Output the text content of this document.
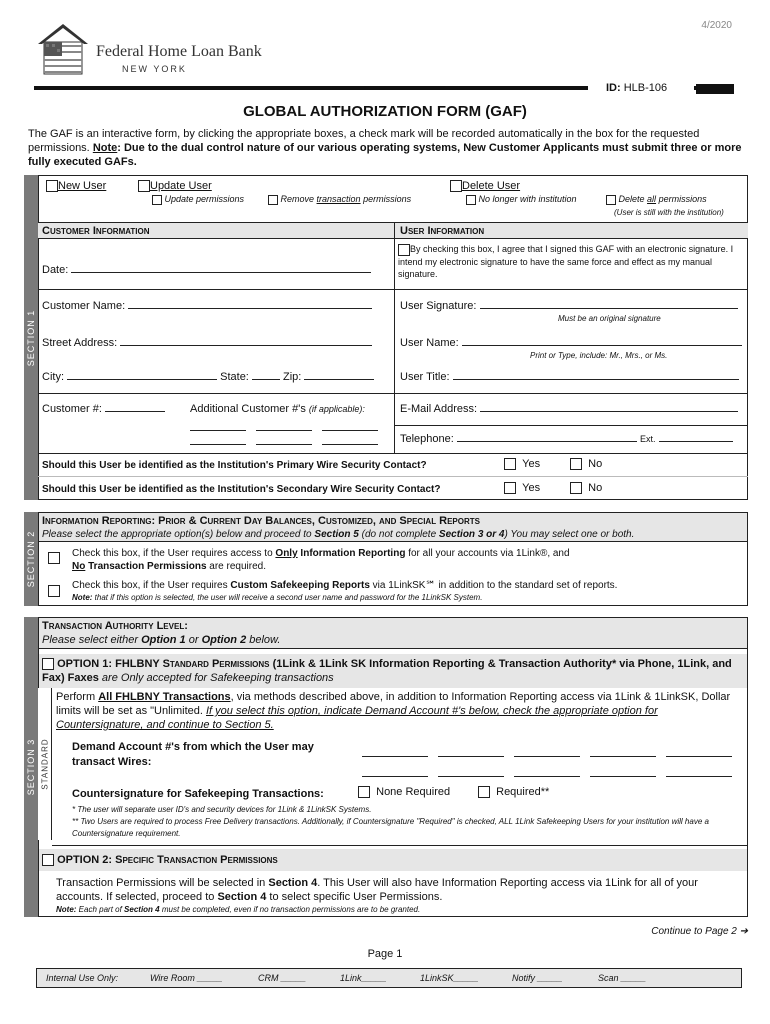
4/2020
Federal Home Loan Bank
NEW YORK
ID: HLB-106
GLOBAL AUTHORIZATION FORM (GAF)
The GAF is an interactive form, by clicking the appropriate boxes, a check mark will be recorded automatically in the box for the requested permissions. Note: Due to the dual control nature of our various operating systems, New Customer Applicants must submit three or more fully executed GAFs.
SECTION 1
New User	Update User
Update permissions	Remove transaction permissions
Delete User
No longer with institution	Delete all permissions
(User is still with the institution)
Customer Information	User Information
Date:
Customer Name:
Street Address:
City:	State:	Zip:
Customer #:	Additional Customer #'s (if applicable):
By checking this box, I agree that I signed this GAF with an electronic signature. I intend my electronic signature to have the same force and effect as my manual signature.
User Signature:
Must be an original signature
User Name:
Print or Type, include: Mr., Mrs., or Ms.
User Title:
E-Mail Address:
Telephone:	Ext.
Should this User be identified as the Institution's Primary Wire Security Contact?	Yes	No
Should this User be identified as the Institution's Secondary Wire Security Contact?	Yes	No
SECTION 2
Information Reporting: Prior & Current Day Balances, Customized, and Special Reports
Please select the appropriate option(s) below and proceed to Section 5 (do not complete Section 3 or 4) You may select one or both.
Check this box, if the User requires access to Only Information Reporting for all your accounts via 1Link®, and
No Transaction Permissions are required.
Check this box, if the User requires Custom Safekeeping Reports via 1LinkSK℠ in addition to the standard set of reports.
Note: that if this option is selected, the user will receive a second user name and password for the 1LinkSK System.
SECTION 3
Transaction Authority Level:
Please select either Option 1 or Option 2 below.
OPTION 1: FHLBNY Standard Permissions (1Link & 1Link SK Information Reporting & Transaction Authority* via Phone, 1Link, and Fax) Faxes are Only accepted for Safekeeping transactions
STANDARD
Perform All FHLBNY Transactions, via methods described above, in addition to Information Reporting access via 1Link & 1LinkSK, Dollar limits will be set as "Unlimited. If you select this option, indicate Demand Account #'s below, check the appropriate option for Countersignature, and continue to Section 5.
Demand Account #'s from which the User may transact Wires:
Countersignature for Safekeeping Transactions:	None Required	Required**
* The user will separate user ID's and security devices for 1Link & 1LinkSK Systems.
** Two Users are required to process Free Delivery transactions. Additionally, if Countersignature "Required" is checked, ALL 1Link Safekeeping Users for your institution will have a Countersignature requirement.
OPTION 2: Specific Transaction Permissions
Transaction Permissions will be selected in Section 4. This User will also have Information Reporting access via 1Link for all of your accounts. If selected, proceed to Section 4 to select specific User Permissions.
Note: Each part of Section 4 must be completed, even if no transaction permissions are to be granted.
Continue to Page 2 ➔
Page 1
Internal Use Only:	Wire Room _____	CRM _____	1Link_____	1LinkSK_____	Notify _____	Scan _____
